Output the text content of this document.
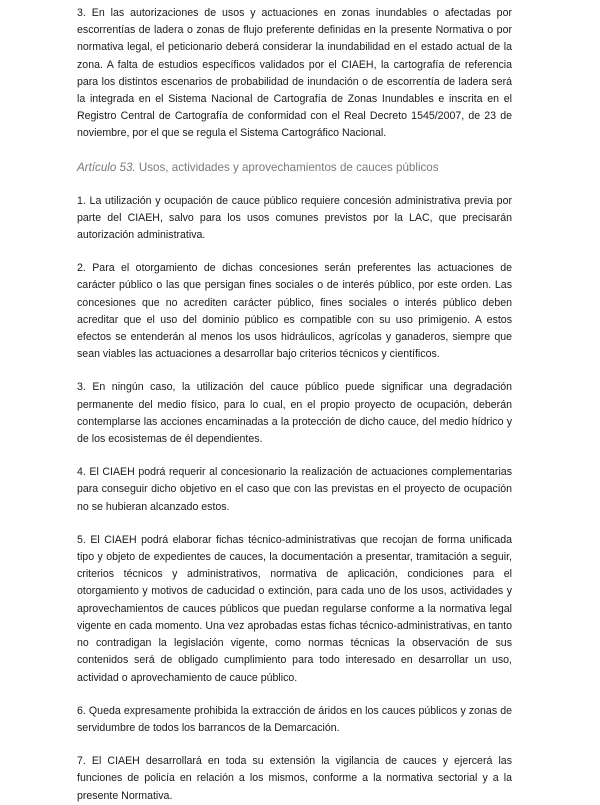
3. En las autorizaciones de usos y actuaciones en zonas inundables o afectadas por escorrentías de ladera o zonas de flujo preferente definidas en la presente Normativa o por normativa legal, el peticionario deberá considerar la inundabilidad en el estado actual de la zona. A falta de estudios específicos validados por el CIAEH, la cartografía de referencia para los distintos escenarios de probabilidad de inundación o de escorrentía de ladera será la integrada en el Sistema Nacional de Cartografía de Zonas Inundables e inscrita en el Registro Central de Cartografía de conformidad con el Real Decreto 1545/2007, de 23 de noviembre, por el que se regula el Sistema Cartográfico Nacional.

Artículo 53. Usos, actividades y aprovechamientos de cauces públicos

1. La utilización y ocupación de cauce público requiere concesión administrativa previa por parte del CIAEH, salvo para los usos comunes previstos por la LAC, que precisarán autorización administrativa.

2. Para el otorgamiento de dichas concesiones serán preferentes las actuaciones de carácter público o las que persigan fines sociales o de interés público, por este orden. Las concesiones que no acrediten carácter público, fines sociales o interés público deben acreditar que el uso del dominio público es compatible con su uso primigenio. A estos efectos se entenderán al menos los usos hidráulicos, agrícolas y ganaderos, siempre que sean viables las actuaciones a desarrollar bajo criterios técnicos y científicos.

3. En ningún caso, la utilización del cauce público puede significar una degradación permanente del medio físico, para lo cual, en el propio proyecto de ocupación, deberán contemplarse las acciones encaminadas a la protección de dicho cauce, del medio hídrico y de los ecosistemas de él dependientes.

4. El CIAEH podrá requerir al concesionario la realización de actuaciones complementarias para conseguir dicho objetivo en el caso que con las previstas en el proyecto de ocupación no se hubieran alcanzado estos.

5. El CIAEH podrá elaborar fichas técnico-administrativas que recojan de forma unificada tipo y objeto de expedientes de cauces, la documentación a presentar, tramitación a seguir, criterios técnicos y administrativos, normativa de aplicación, condiciones para el otorgamiento y motivos de caducidad o extinción, para cada uno de los usos, actividades y aprovechamientos de cauces públicos que puedan regularse conforme a la normativa legal vigente en cada momento. Una vez aprobadas estas fichas técnico-administrativas, en tanto no contradigan la legislación vigente, como normas técnicas la observación de sus contenidos será de obligado cumplimiento para todo interesado en desarrollar un uso, actividad o aprovechamiento de cauce público.

6. Queda expresamente prohibida la extracción de áridos en los cauces públicos y zonas de servidumbre de todos los barrancos de la Demarcación.

7. El CIAEH desarrollará en toda su extensión la vigilancia de cauces y ejercerá las funciones de policía en relación a los mismos, conforme a la normativa sectorial y a la presente Normativa.
